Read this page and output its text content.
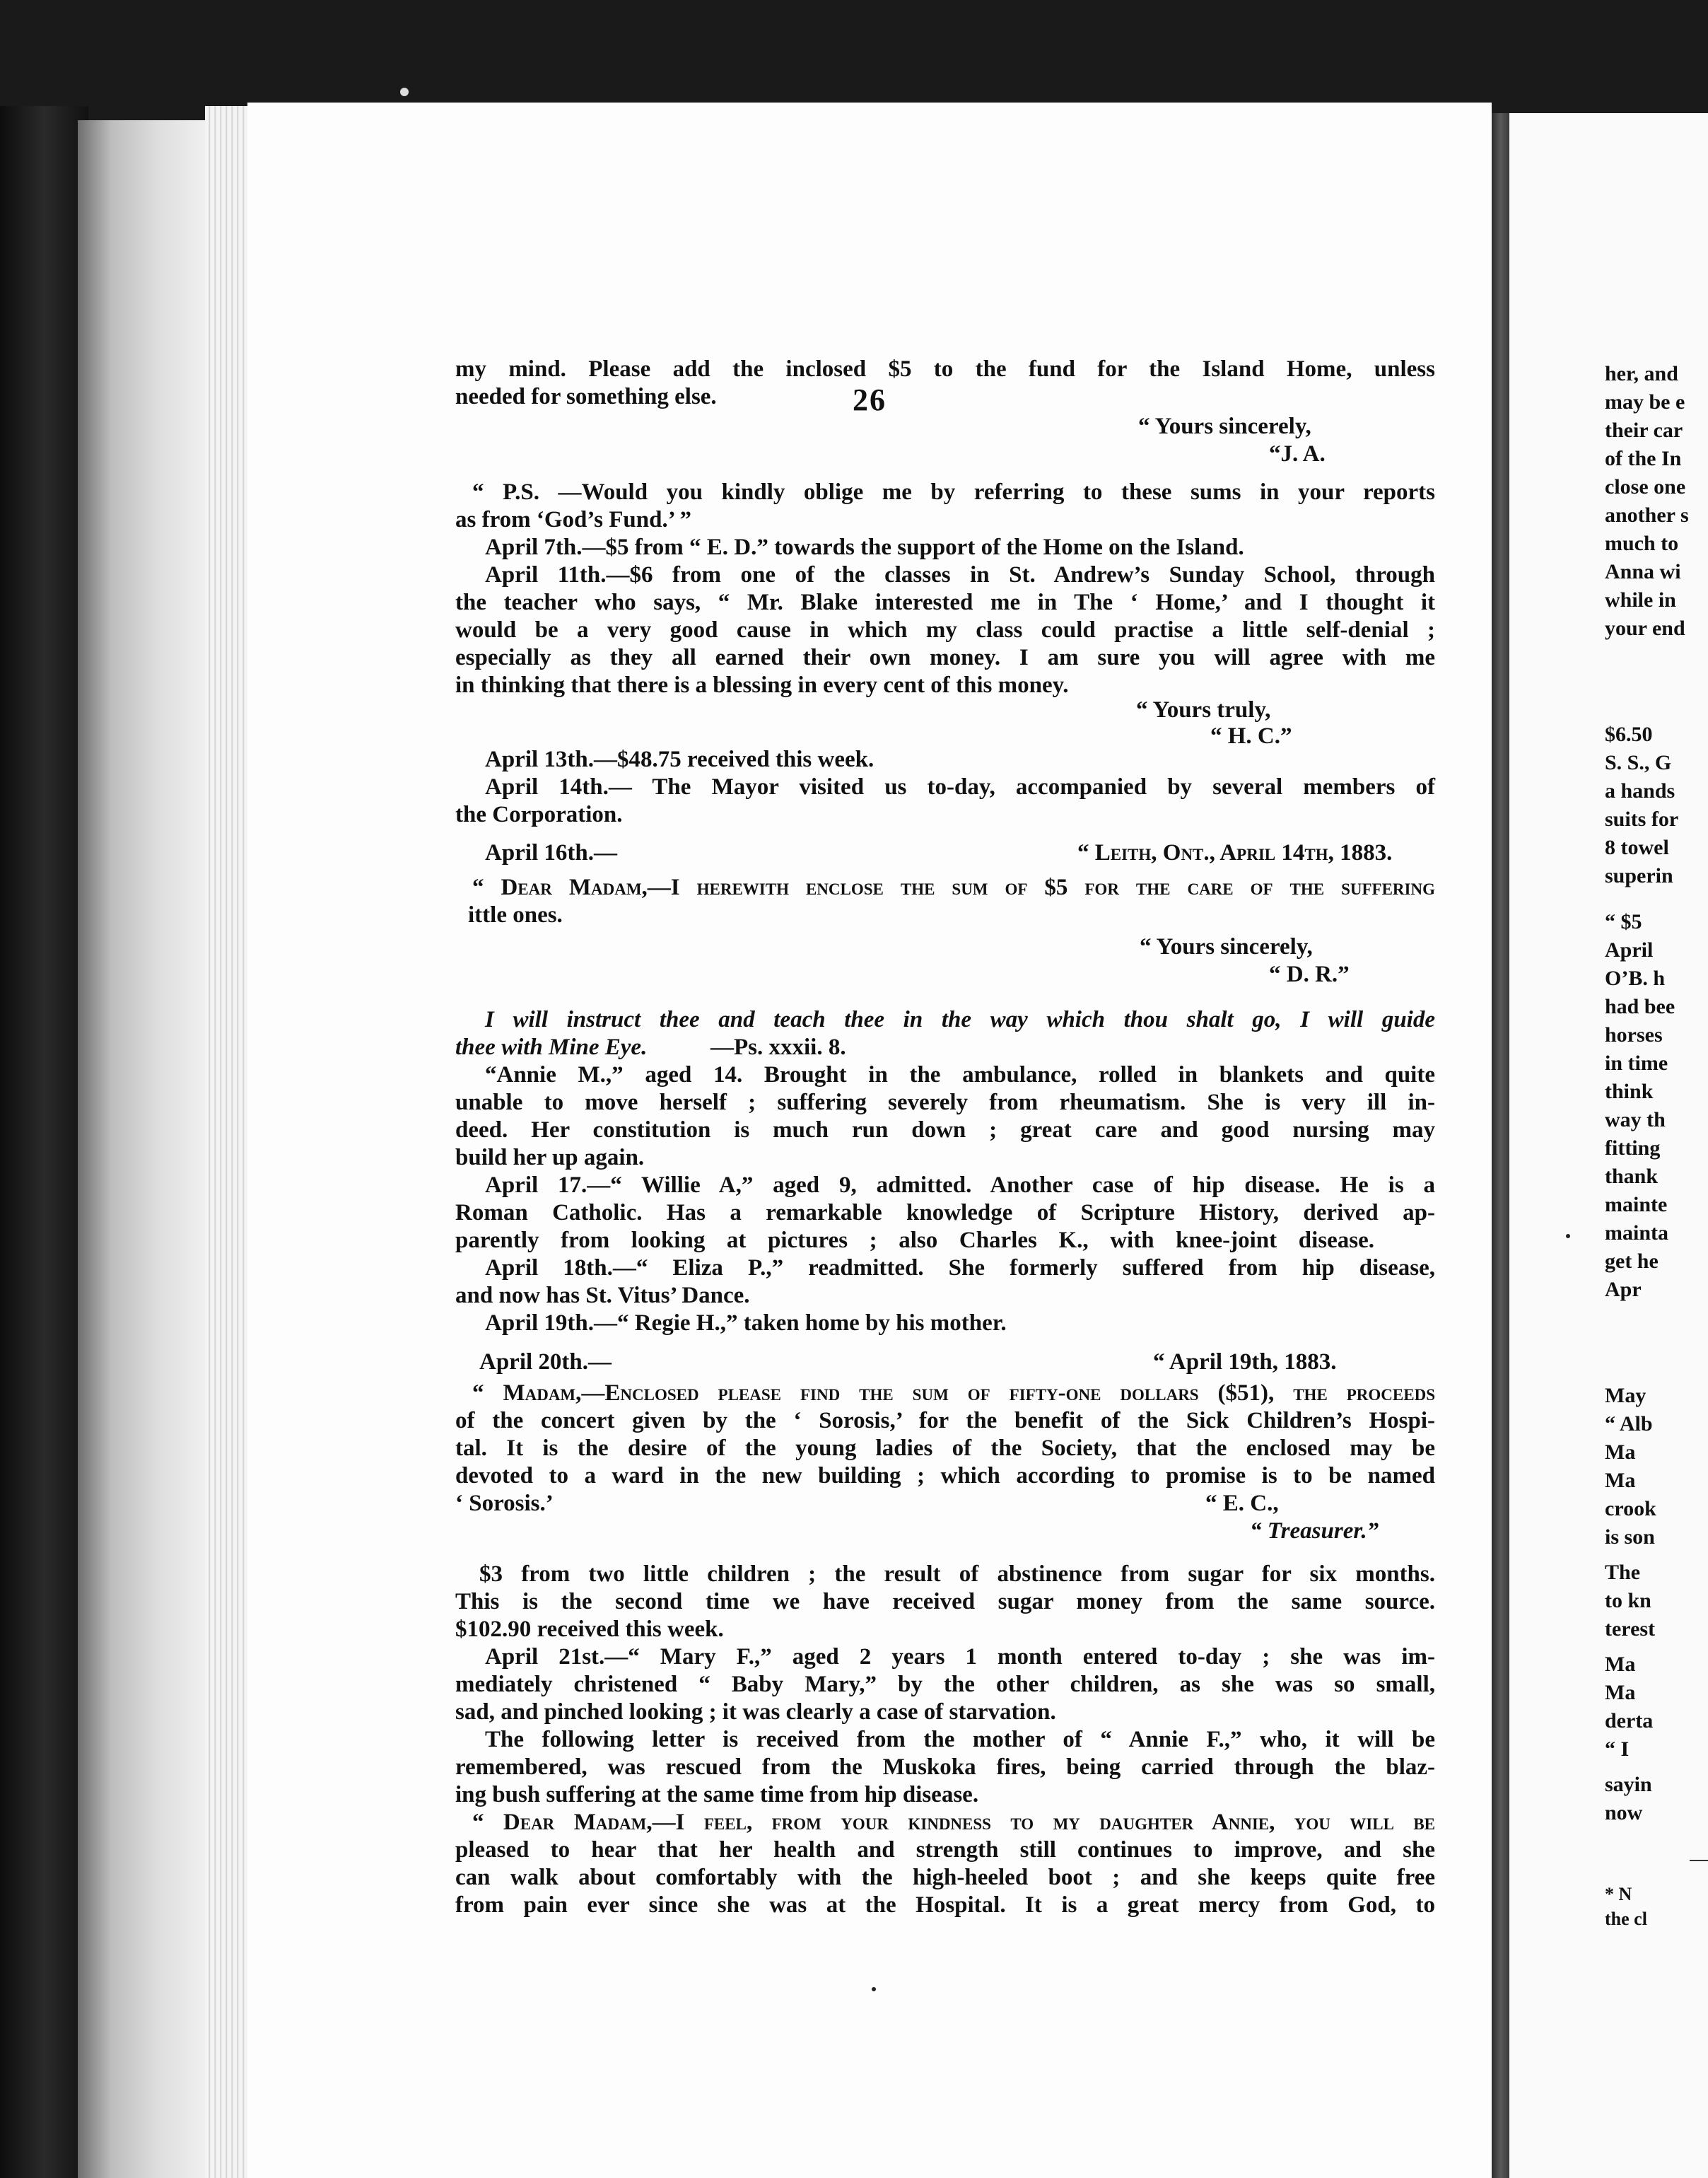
her, and
may be e
their car
of the In
close one
another s
much to
Anna wi
while in
your end
$6.50
S. S., G
a hands
suits for
8 towel
superin
“ $5
April
O’B. h
had bee
horses
in time
think
way th
fitting
thank
mainte
mainta
get he
Apr
May
“ Alb
Ma
Ma
crook
is son
The
to kn
terest
Ma
Ma
derta
“ I
sayin
now
* N
the cl
26
my mind. Please add the inclosed $5 to the fund for the Island Home, unless
needed for something else.
“ Yours sincerely,
“J. A.
“ P.S. —Would you kindly oblige me by referring to these sums in your reports
as from ‘God’s Fund.’ ”
April 7th.—$5 from “ E. D.” towards the support of the Home on the Island.
April 11th.—$6 from one of the classes in St. Andrew’s Sunday School, through
the teacher who says, “ Mr. Blake interested me in The ‘ Home,’ and I thought it
would be a very good cause in which my class could practise a little self-denial ;
especially as they all earned their own money. I am sure you will agree with me
in thinking that there is a blessing in every cent of this money.
“ Yours truly,
“ H. C.”
April 13th.—$48.75 received this week.
April 14th.— The Mayor visited us to-day, accompanied by several members of
the Corporation.
April 16th.—	“ Leith, Ont., April 14th, 1883.
“ Dear Madam,—I herewith enclose the sum of $5 for the care of the suffering
ittle ones.
“ Yours sincerely,
“ D. R.”
I will instruct thee and teach thee in the way which thou shalt go, I will guide
thee with Mine Eye.	—Ps. xxxii. 8.
“Annie M.,” aged 14. Brought in the ambulance, rolled in blankets and quite
unable to move herself ; suffering severely from rheumatism. She is very ill in-
deed. Her constitution is much run down ; great care and good nursing may
build her up again.
April 17.—“ Willie A,” aged 9, admitted. Another case of hip disease. He is a
Roman Catholic. Has a remarkable knowledge of Scripture History, derived ap-
parently from looking at pictures ; also Charles K., with knee-joint disease.
April 18th.—“ Eliza P.,” readmitted. She formerly suffered from hip disease,
and now has St. Vitus’ Dance.
April 19th.—“ Regie H.,” taken home by his mother.
April 20th.—	“ April 19th, 1883.
“ Madam,—Enclosed please find the sum of fifty-one dollars ($51), the proceeds
of the concert given by the ‘ Sorosis,’ for the benefit of the Sick Children’s Hospi-
tal. It is the desire of the young ladies of the Society, that the enclosed may be
devoted to a ward in the new building ; which according to promise is to be named
‘ Sorosis.’	“ E. C.,
“ Treasurer.”
$3 from two little children ; the result of abstinence from sugar for six months.
This is the second time we have received sugar money from the same source.
$102.90 received this week.
April 21st.—“ Mary F.,” aged 2 years 1 month entered to-day ; she was im-
mediately christened “ Baby Mary,” by the other children, as she was so small,
sad, and pinched looking ; it was clearly a case of starvation.
The following letter is received from the mother of “ Annie F.,” who, it will be
remembered, was rescued from the Muskoka fires, being carried through the blaz-
ing bush suffering at the same time from hip disease.
“ Dear Madam,—I feel, from your kindness to my daughter Annie, you will be
pleased to hear that her health and strength still continues to improve, and she
can walk about comfortably with the high-heeled boot ; and she keeps quite free
from pain ever since she was at the Hospital. It is a great mercy from God, to
